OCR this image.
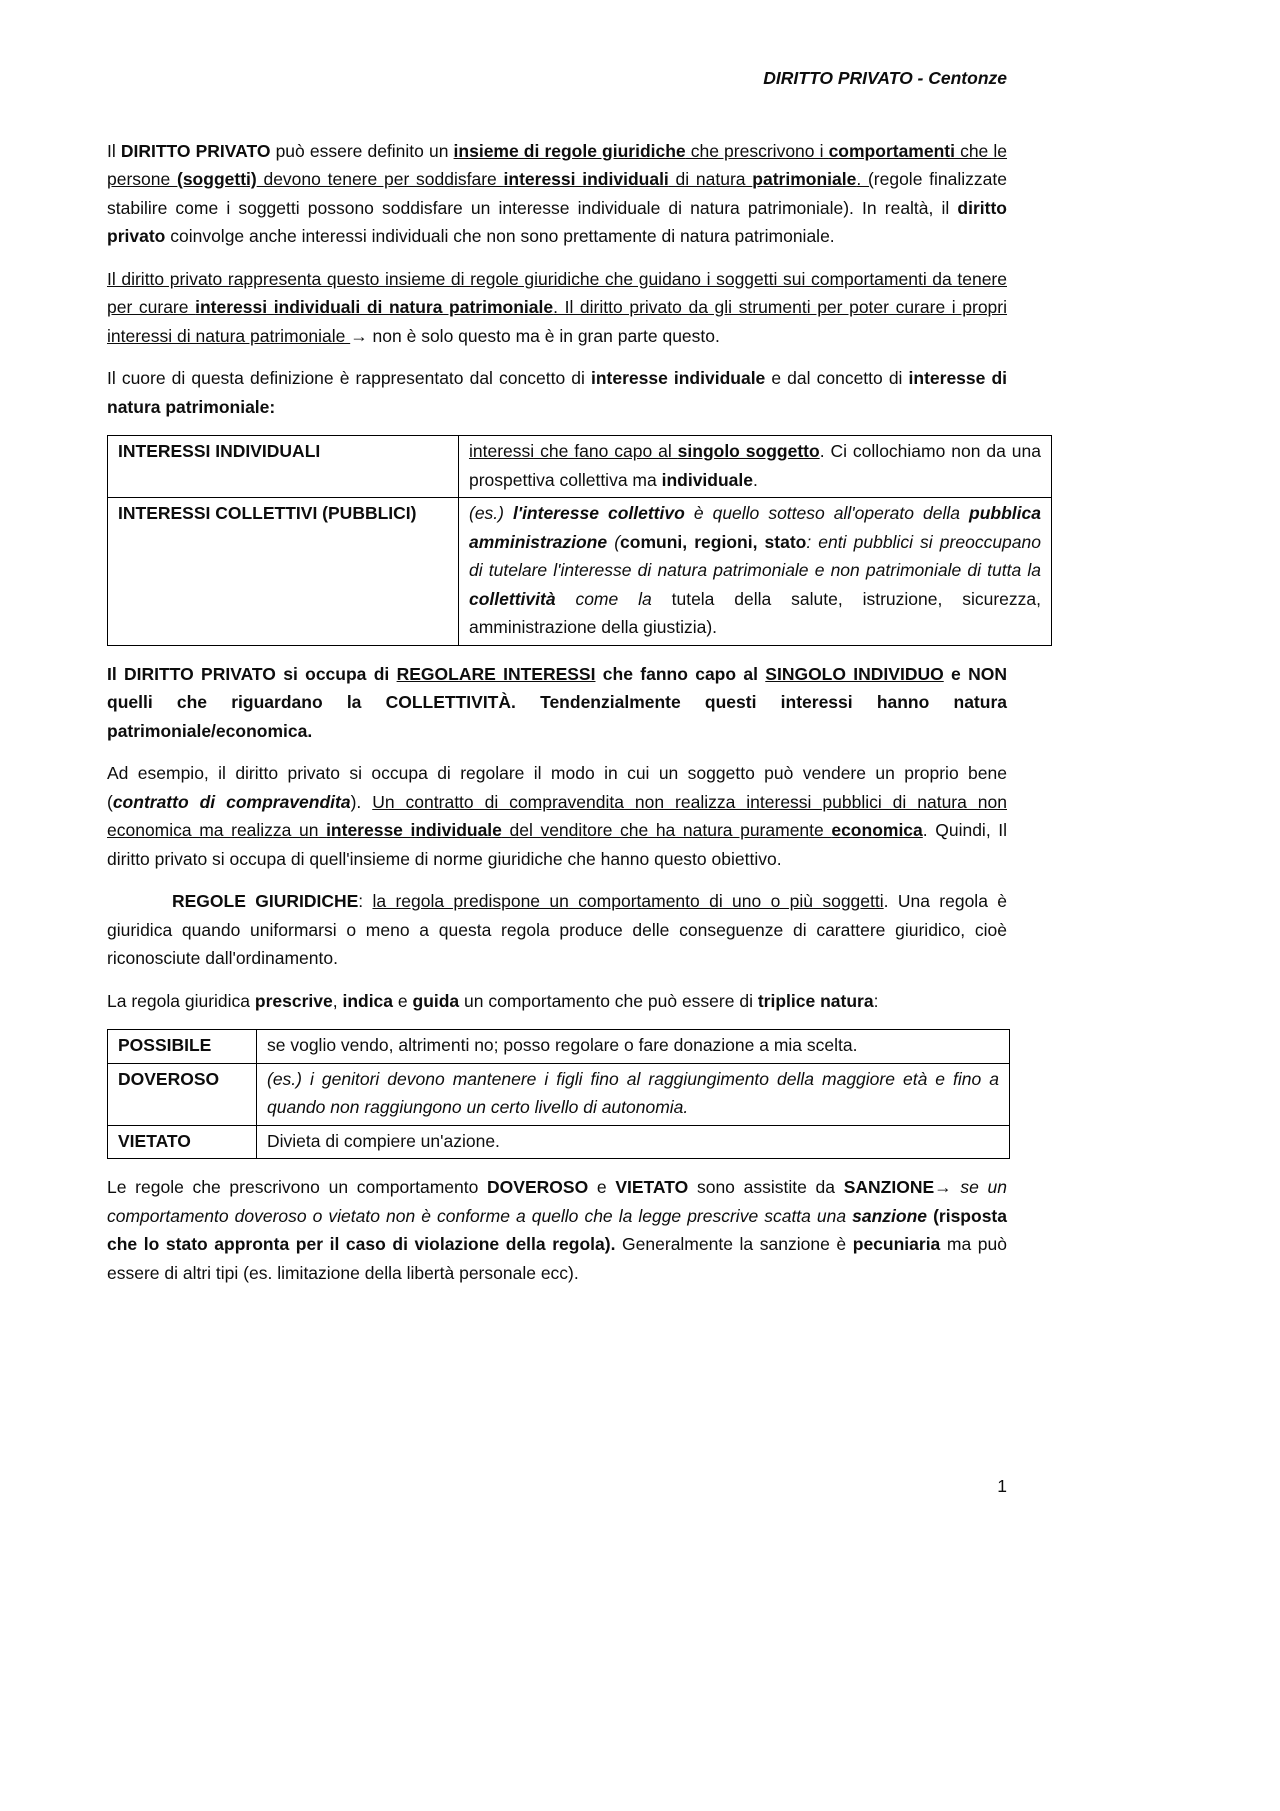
DIRITTO PRIVATO - Centonze

Il DIRITTO PRIVATO può essere definito un insieme di regole giuridiche che prescrivono i comportamenti che le persone (soggetti) devono tenere per soddisfare interessi individuali di natura patrimoniale. (regole finalizzate stabilire come i soggetti possono soddisfare un interesse individuale di natura patrimoniale). In realtà, il diritto privato coinvolge anche interessi individuali che non sono prettamente di natura patrimoniale.

Il diritto privato rappresenta questo insieme di regole giuridiche che guidano i soggetti sui comportamenti da tenere per curare interessi individuali di natura patrimoniale. Il diritto privato da gli strumenti per poter curare i propri interessi di natura patrimoniale → non è solo questo ma è in gran parte questo.

Il cuore di questa definizione è rappresentato dal concetto di interesse individuale e dal concetto di interesse di natura patrimoniale:

INTERESSI INDIVIDUALI	interessi che fano capo al singolo soggetto. Ci collochiamo non da una prospettiva collettiva ma individuale.
INTERESSI COLLETTIVI (PUBBLICI)	(es.) l'interesse collettivo è quello sotteso all'operato della pubblica amministrazione (comuni, regioni, stato: enti pubblici si preoccupano di tutelare l'interesse di natura patrimoniale e non patrimoniale di tutta la collettività come la tutela della salute, istruzione, sicurezza, amministrazione della giustizia).

Il DIRITTO PRIVATO si occupa di REGOLARE INTERESSI che fanno capo al SINGOLO INDIVIDUO e NON quelli che riguardano la COLLETTIVITÀ. Tendenzialmente questi interessi hanno natura patrimoniale/economica.

Ad esempio, il diritto privato si occupa di regolare il modo in cui un soggetto può vendere un proprio bene (contratto di compravendita). Un contratto di compravendita non realizza interessi pubblici di natura non economica ma realizza un interesse individuale del venditore che ha natura puramente economica. Quindi, Il diritto privato si occupa di quell'insieme di norme giuridiche che hanno questo obiettivo.

REGOLE GIURIDICHE: la regola predispone un comportamento di uno o più soggetti. Una regola è giuridica quando uniformarsi o meno a questa regola produce delle conseguenze di carattere giuridico, cioè riconosciute dall'ordinamento.

La regola giuridica prescrive, indica e guida un comportamento che può essere di triplice natura:

POSSIBILE	se voglio vendo, altrimenti no; posso regolare o fare donazione a mia scelta.
DOVEROSO	(es.) i genitori devono mantenere i figli fino al raggiungimento della maggiore età e fino a quando non raggiungono un certo livello di autonomia.
VIETATO	Divieta di compiere un'azione.

Le regole che prescrivono un comportamento DOVEROSO e VIETATO sono assistite da SANZIONE→ se un comportamento doveroso o vietato non è conforme a quello che la legge prescrive scatta una sanzione (risposta che lo stato appronta per il caso di violazione della regola). Generalmente la sanzione è pecuniaria ma può essere di altri tipi (es. limitazione della libertà personale ecc).

1
